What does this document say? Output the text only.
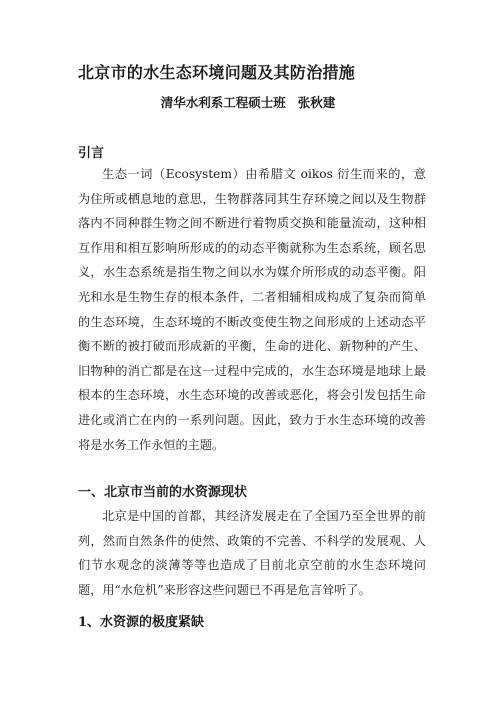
北京市的水生态环境问题及其防治措施
清华水利系工程硕士班 张秋建
引言

生态一词（Ecosystem）由希腊文 oikos 衍生而来的，意为住所或栖息地的意思，生物群落同其生存环境之间以及生物群落内不同种群生物之间不断进行着物质交换和能量流动，这种相互作用和相互影响所形成的的动态平衡就称为生态系统，顾名思义，水生态系统是指生物之间以水为媒介所形成的动态平衡。阳光和水是生物生存的根本条件，二者相辅相成构成了复杂而简单的生态环境，生态环境的不断改变使生物之间形成的上述动态平衡不断的被打破而形成新的平衡，生命的进化、新物种的产生、旧物种的消亡都是在这一过程中完成的，水生态环境是地球上最根本的生态环境，水生态环境的改善或恶化，将会引发包括生命进化或消亡在内的一系列问题。因此，致力于水生态环境的改善将是水务工作永恒的主题。

一、北京市当前的水资源现状

北京是中国的首都，其经济发展走在了全国乃至全世界的前列，然而自然条件的使然、政策的不完善、不科学的发展观、人们节水观念的淡薄等等也造成了目前北京空前的水生态环境问题，用“水危机”来形容这些问题已不再是危言耸听了。

1、水资源的极度紧缺
